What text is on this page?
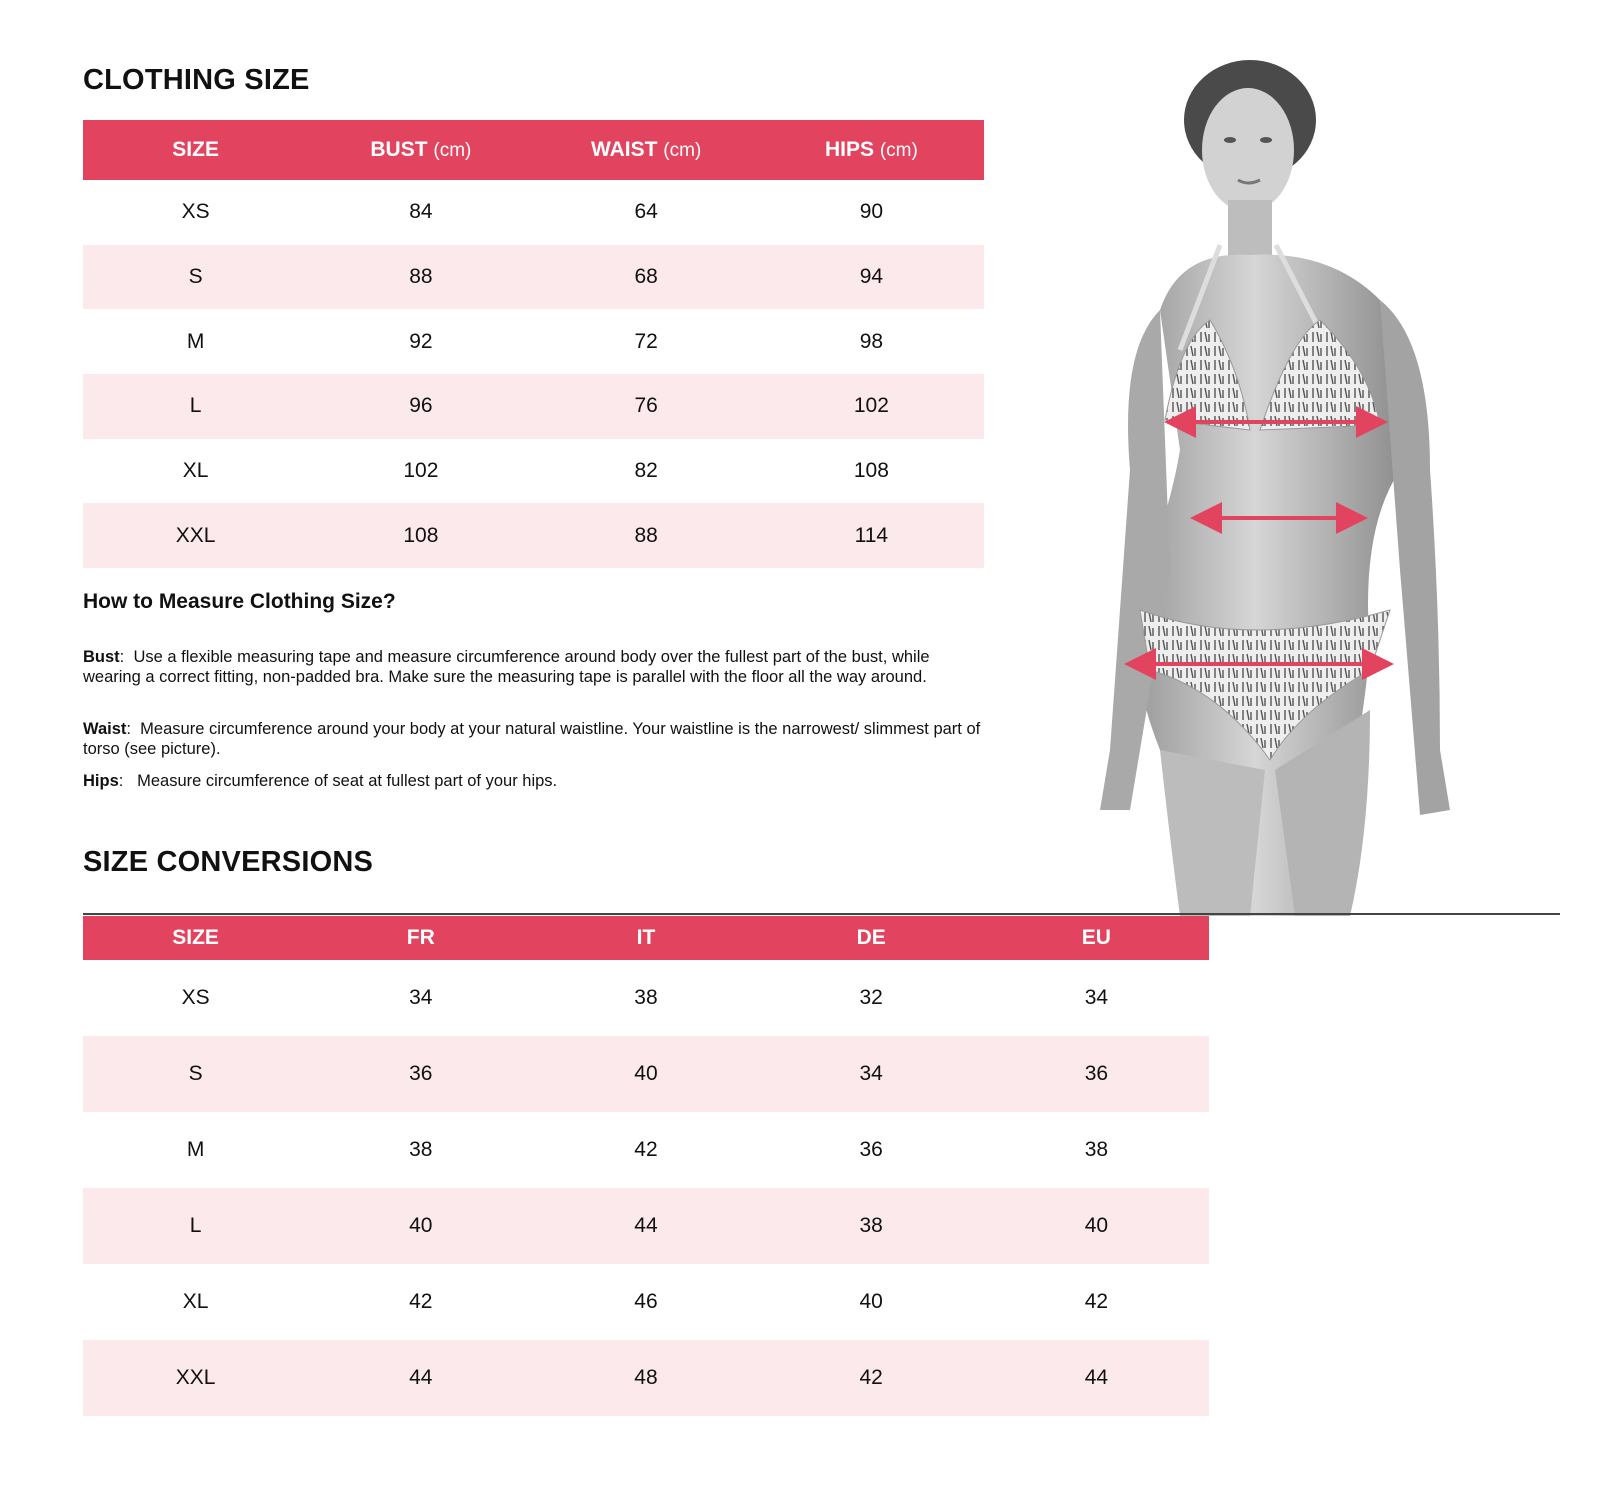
CLOTHING SIZE
SIZE	BUST (cm)	WAIST (cm)	HIPS (cm)
XS	84	64	90
S	88	68	94
M	92	72	98
L	96	76	102
XL	102	82	108
XXL	108	88	114
How to Measure Clothing Size?

Bust:  Use a flexible measuring tape and measure circumference around body over the fullest part of the bust, while wearing a correct fitting, non-padded bra. Make sure the measuring tape is parallel with the floor all the way around.

Waist:  Measure circumference around your body at your natural waistline. Your waistline is the narrowest/ slimmest part of torso (see picture).

Hips:   Measure circumference of seat at fullest part of your hips.

SIZE CONVERSIONS
SIZE	FR	IT	DE	EU
XS	34	38	32	34
S	36	40	34	36
M	38	42	36	38
L	40	44	38	40
XL	42	46	40	42
XXL	44	48	42	44
